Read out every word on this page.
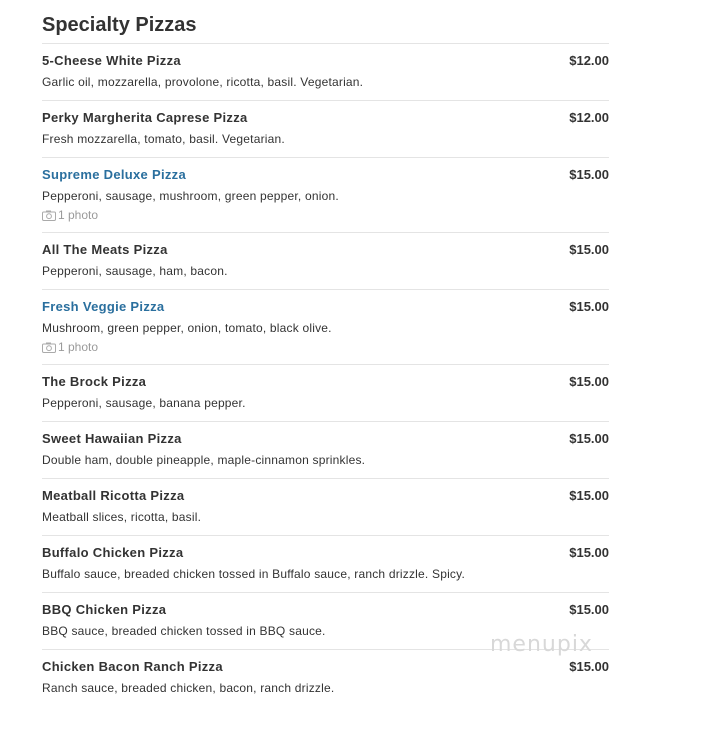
Specialty Pizzas
5-Cheese White Pizza	$12.00
Garlic oil, mozzarella, provolone, ricotta, basil. Vegetarian.
Perky Margherita Caprese Pizza	$12.00
Fresh mozzarella, tomato, basil. Vegetarian.
Supreme Deluxe Pizza	$15.00
Pepperoni, sausage, mushroom, green pepper, onion.
1 photo
All The Meats Pizza	$15.00
Pepperoni, sausage, ham, bacon.
Fresh Veggie Pizza	$15.00
Mushroom, green pepper, onion, tomato, black olive.
1 photo
The Brock Pizza	$15.00
Pepperoni, sausage, banana pepper.
Sweet Hawaiian Pizza	$15.00
Double ham, double pineapple, maple-cinnamon sprinkles.
Meatball Ricotta Pizza	$15.00
Meatball slices, ricotta, basil.
Buffalo Chicken Pizza	$15.00
Buffalo sauce, breaded chicken tossed in Buffalo sauce, ranch drizzle. Spicy.
BBQ Chicken Pizza	$15.00
BBQ sauce, breaded chicken tossed in BBQ sauce.
Chicken Bacon Ranch Pizza	$15.00
Ranch sauce, breaded chicken, bacon, ranch drizzle.
menupix
